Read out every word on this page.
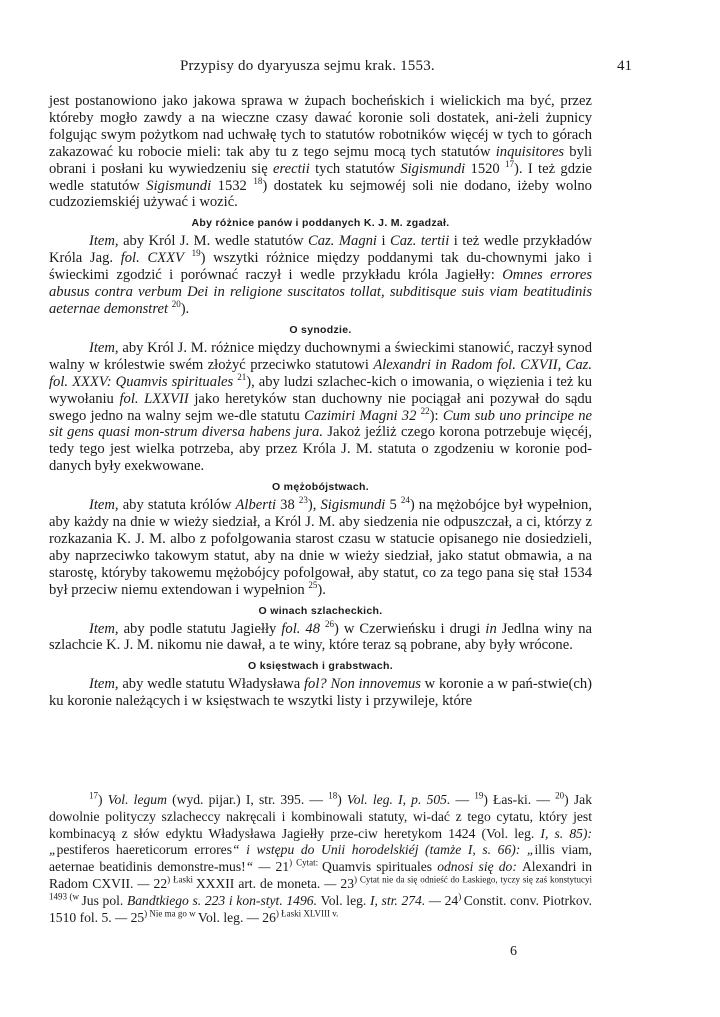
Przypisy do dyaryusza sejmu krak. 1553.	41

jest postanowiono jako jakowa sprawa w żupach bocheńskich i wielickich ma być, przez którеby mogło zawdy a na wieczne czasy dawać koronie soli dostatek, ani-żeli żupnicy folgując swym pożytkom nad uchwałę tych to statutów robotników więcéj w tych to górach zakazować ku robocie mieli: tak aby tu z tego sejmu mocą tych statutów inquisitores byli obrani i posłani ku wywiedzeniu się erectii tych statutów Sigismundi 1520 $^{17}$). I też gdzie wedle statutów Sigismundi 1532 $^{18}$) dostatek ku sejmowéj soli nie dodano, iżeby wolno cudzoziemskiéj używać i wozić.

Aby różnice panów i poddanych K. J. M. zgadzał.

Item, aby Król J. M. wedle statutów Caz. Magni i Caz. tertii i też wedle przykładów Króla Jag. fol. CXXV $^{19}$) wszytki różnice między poddanymi tak du-chownymi jako i świeckimi zgodzić i porównać raczył i wedle przykładu króla Jagiełły: Omnes errores abusus contra verbum Dei in religione suscitatos tollat, subditisque suis viam beatitudinis aeternae demonstret $^{20}$).

O synodzie.

Item, aby Król J. M. różnice między duchownymi a świeckimi stanowić, raczył synod walny w królestwie swém złożyć przeciwko statutowi Alexandri in Radom fol. CXVII, Caz. fol. XXXV: Quamvis spirituales $^{21}$), aby ludzi szlachec-kich o imowania, o więzienia i też ku wywołaniu fol. LXXVII jako heretyków stan duchowny nie pociągał ani pozywał do sądu swego jedno na walny sejm we-dle statutu Cazimiri Magni 32 $^{22}$): Cum sub uno principe ne sit gens quasi mon-strum diversa habens jura. Jakoż jeźliż czego korona potrzebuje więcéj, tedy tego jest wielka potrzeba, aby przez Króla J. M. statuta o zgodzeniu w koronie pod-danych były exekwowane.

O mężobójstwach.

Item, aby statuta królów Alberti 38 $^{23}$), Sigismundi 5 $^{24}$) na mężobójce był wypełnion, aby każdy na dnie w wieży siedział, a Król J. M. aby siedzenia nie odpuszczał, a ci, którzy z rozkazania K. J. M. albo z pofolgowania starost czasu w statucie opisanego nie dosiedzieli, aby naprzeciwko takowym statut, aby na dnie w wieży siedział, jako statut obmawia, a na starostę, któryby takowemu mężobójcy pofolgował, aby statut, co za tego pana się stał 1534 był przeciw niemu extendowan i wypełnion $^{25}$).

O winach szlacheckich.

Item, aby podle statutu Jagiełły fol. 48 $^{26}$) w Czerwieńsku i drugi in Jedlna winy na szlachcie K. J. M. nikomu nie dawał, a te winy, które teraz są pobrane, aby były wrócone.

O księstwach i grabstwach.

Item, aby wedle statutu Władysława fol? Non innovemus w koronie a w pań-stwie(ch) ku koronie należących i w księstwach te wszytki listy i przywileje, które

$^{17}$) Vol. legum (wyd. pijar.) I, str. 395. — $^{18}$) Vol. leg. I, p. 505. — $^{19}$) Łas-ki. — $^{20}$) Jak dowolnie polityczy szlacheccy nakręcali i kombinowali statuty, wi-dać z tego cytatu, który jest kombinacyą z słów edyktu Władysława Jagiełły prze-ciw heretykom 1424 (Vol. leg. I, s. 85): „pestiferos haereticorum errores“ i wstępu do Unii horodelskiéj (tamże I, s. 66): „illis viam, aeternae beatidinis demonstre-mus!“ — $21^{) Cytat:}$ Quamvis spirituales odnosi się do: Alexandri in Radom CXVII. — $22^{) Łaski}$ XXXII art. de moneta. — $23^{) Cytat nie da się odnieść do Łaskiego, tyczy się zaś konstytucyi 1493 (w}$ Jus pol. Bandtkiego s. 223 i kon-styt. 1496. Vol. leg. I, str. 274. — 24) Constit. conv. Piotrkov. 1510 fol. 5. — $25^{) Nie ma go w}$ Vol. leg. — $26^{) Łaski XLVIII v.}$

6
